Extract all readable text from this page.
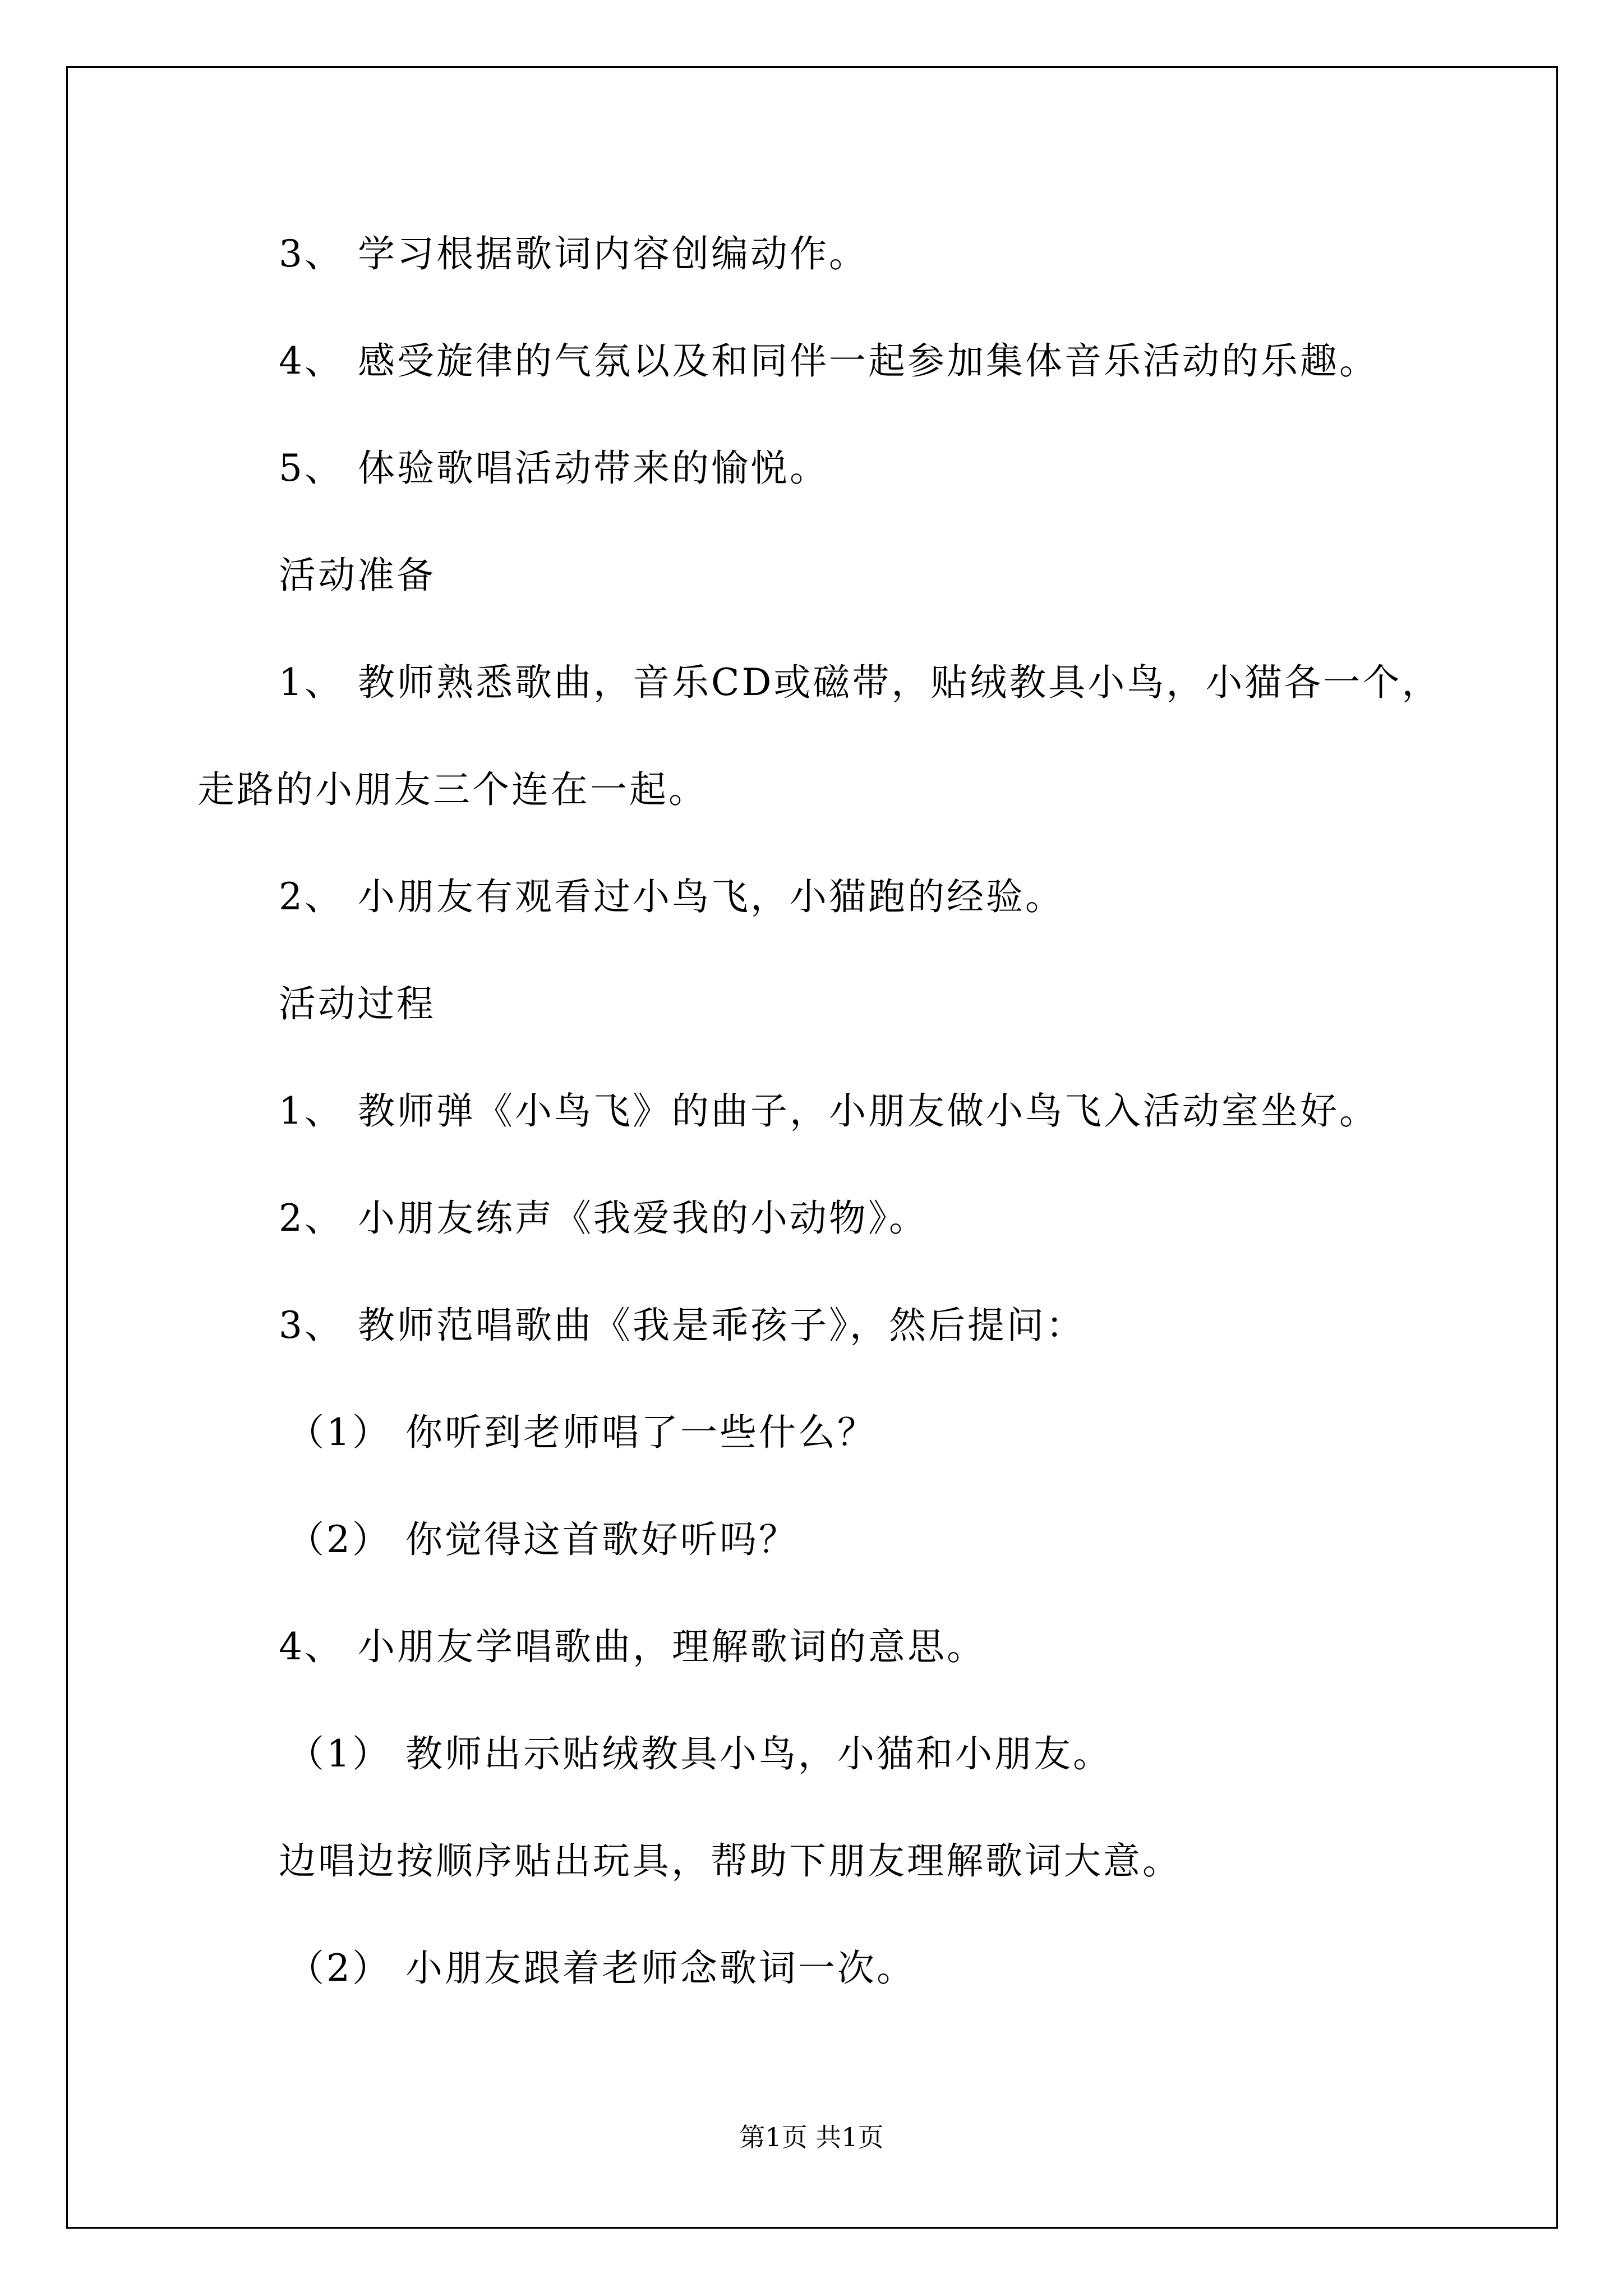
3、 学习根据歌词内容创编动作。
4、 感受旋律的气氛以及和同伴一起参加集体音乐活动的乐趣。
5、 体验歌唱活动带来的愉悦。
活动准备
1、 教师熟悉歌曲，音乐CD或磁带，贴绒教具小鸟，小猫各一个，
走路的小朋友三个连在一起。
2、 小朋友有观看过小鸟飞，小猫跑的经验。
活动过程
1、 教师弹《小鸟飞》的曲子，小朋友做小鸟飞入活动室坐好。
2、 小朋友练声《我爱我的小动物》。
3、 教师范唱歌曲《我是乖孩子》，然后提问：
（1） 你听到老师唱了一些什么？
（2） 你觉得这首歌好听吗？
4、 小朋友学唱歌曲，理解歌词的意思。
（1） 教师出示贴绒教具小鸟，小猫和小朋友。
边唱边按顺序贴出玩具，帮助下朋友理解歌词大意。
（2） 小朋友跟着老师念歌词一次。
第1页 共1页
